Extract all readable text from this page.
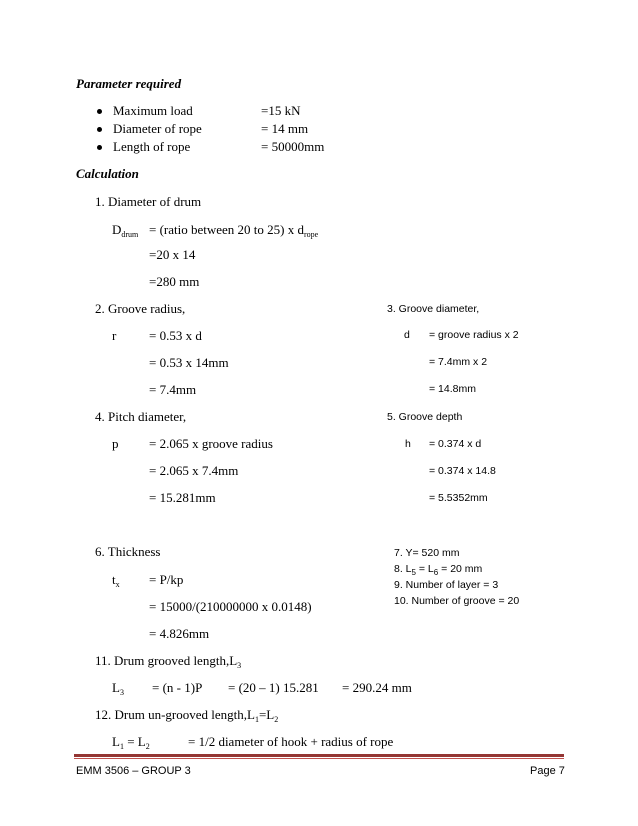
Parameter required
Maximum load	=15 kN
Diameter of rope	= 14 mm
Length of rope	= 50000mm
Calculation
1. Diameter of drum
$D_{drum}$ = (ratio between 20 to 25) x $d_{rope}$
=20 x 14
=280 mm
2. Groove radius,
r	= 0.53 x d
= 0.53 x 14mm
= 7.4mm
3. Groove diameter,
d = groove radius x 2
= 7.4mm x 2
= 14.8mm
4. Pitch diameter,
p = 2.065 x groove radius
= 2.065 x 7.4mm
= 15.281mm
5. Groove depth
h = 0.374 x d
= 0.374 x 14.8
= 5.5352mm
6. Thickness
$t_x = P/kp$
= 15000/(210000000 x 0.0148)
= 4.826mm
7. Y= 520 mm
8. $L_5 = L_6 = 20$ mm
9. Number of layer = 3
10. Number of groove = 20
11. Drum grooved $length,L_3$
$L_3 = (n - 1)P = (20 - 1) 15.281 = 290.24$ mm
12. Drum un-grooved $length,L_1=L_2$
$L_1 = L_2$	= 1/2 diameter of hook + radius of rope
EMM 3506 – GROUP 3	Page 7
